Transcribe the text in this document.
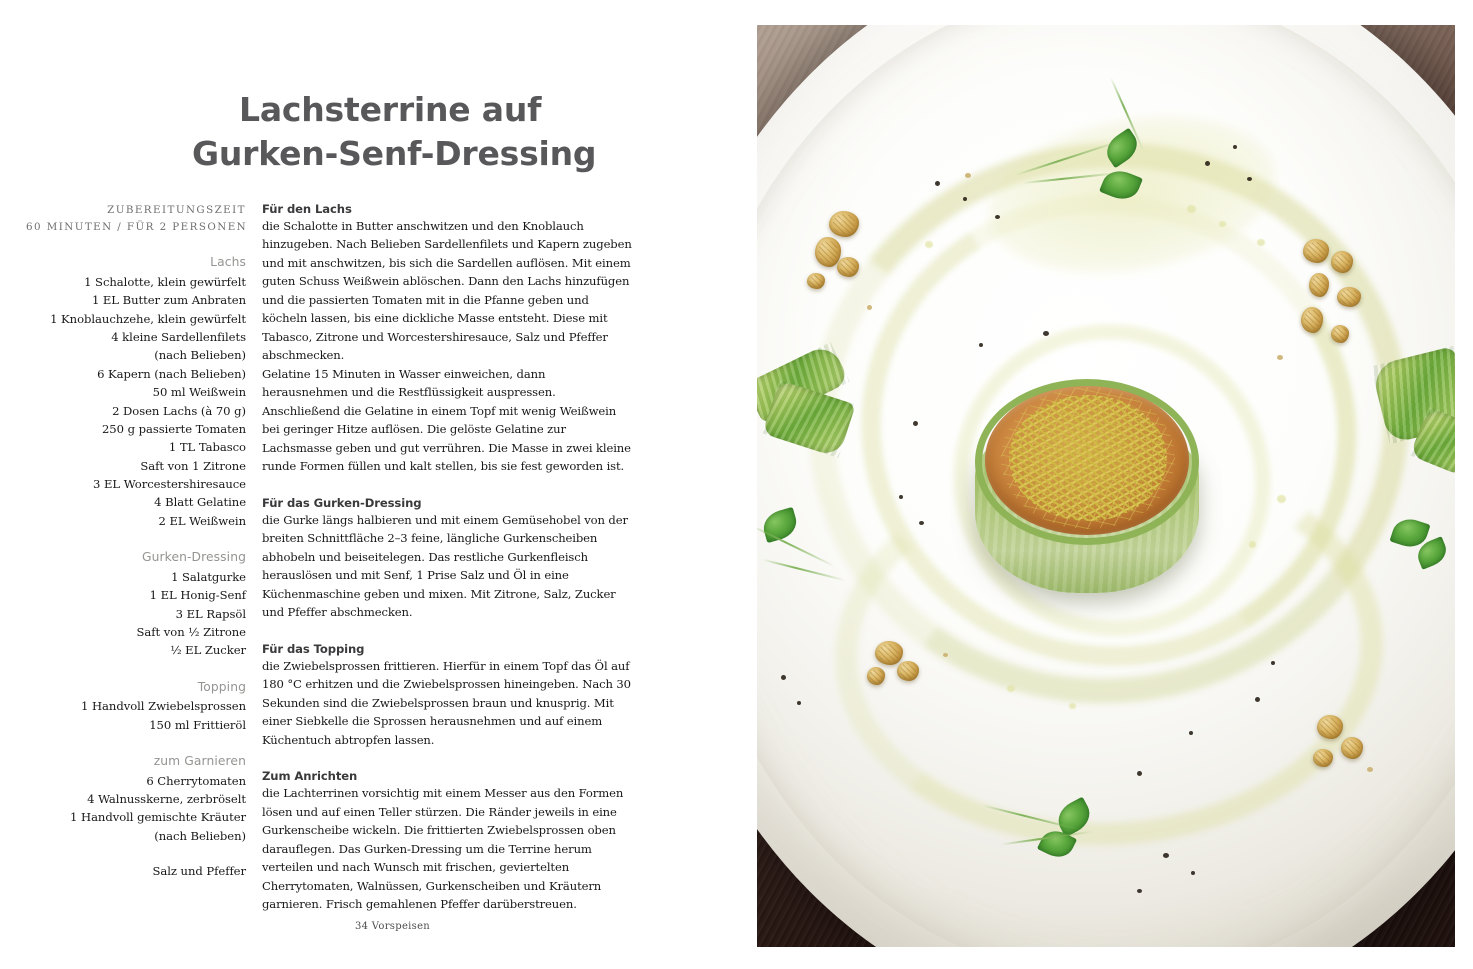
Lachsterrine auf
Gurken-Senf-Dressing
ZUBEREITUNGSZEIT
60 MINUTEN / FÜR 2 PERSONEN
Lachs
1 Schalotte, klein gewürfelt
1 EL Butter zum Anbraten
1 Knoblauchzehe, klein gewürfelt
4 kleine Sardellenfilets
(nach Belieben)
6 Kapern (nach Belieben)
50 ml Weißwein
2 Dosen Lachs (à 70 g)
250 g passierte Tomaten
1 TL Tabasco
Saft von 1 Zitrone
3 EL Worcestershiresauce
4 Blatt Gelatine
2 EL Weißwein
Gurken-Dressing
1 Salatgurke
1 EL Honig-Senf
3 EL Rapsöl
Saft von ½ Zitrone
½ EL Zucker
Topping
1 Handvoll Zwiebelsprossen
150 ml Frittieröl
zum Garnieren
6 Cherrytomaten
4 Walnusskerne, zerbröselt
1 Handvoll gemischte Kräuter
(nach Belieben)
Salz und Pfeffer
Für den Lachs

die Schalotte in Butter anschwitzen und den Knoblauch hinzugeben. Nach Belieben Sardellenfilets und Kapern zugeben und mit anschwitzen, bis sich die Sardellen auflösen. Mit einem guten Schuss Weißwein ablöschen. Dann den Lachs hinzufügen und die passierten Tomaten mit in die Pfanne geben und köcheln lassen, bis eine dickliche Masse entsteht. Diese mit Tabasco, Zitrone und Worcestershiresauce, Salz und Pfeffer abschmecken.

Gelatine 15 Minuten in Wasser einweichen, dann herausnehmen und die Restflüssigkeit auspressen. Anschließend die Gelatine in einem Topf mit wenig Weißwein bei geringer Hitze auflösen. Die gelöste Gelatine zur Lachsmasse geben und gut verrühren. Die Masse in zwei kleine runde Formen füllen und kalt stellen, bis sie fest geworden ist.

Für das Gurken-Dressing

die Gurke längs halbieren und mit einem Gemüsehobel von der breiten Schnittfläche 2–3 feine, längliche Gurkenscheiben abhobeln und beiseitelegen. Das restliche Gurkenfleisch herauslösen und mit Senf, 1 Prise Salz und Öl in eine Küchenmaschine geben und mixen. Mit Zitrone, Salz, Zucker und Pfeffer abschmecken.

Für das Topping

die Zwiebelsprossen frittieren. Hierfür in einem Topf das Öl auf 180 °C erhitzen und die Zwiebelsprossen hineingeben. Nach 30 Sekunden sind die Zwiebelsprossen braun und knusprig. Mit einer Siebkelle die Sprossen herausnehmen und auf einem Küchentuch abtropfen lassen.

Zum Anrichten

die Lachterrinen vorsichtig mit einem Messer aus den Formen lösen und auf einen Teller stürzen. Die Ränder jeweils in eine Gurkenscheibe wickeln. Die frittierten Zwiebelsprossen oben darauflegen. Das Gurken-Dressing um die Terrine herum verteilen und nach Wunsch mit frischen, geviertelten Cherrytomaten, Walnüssen, Gurkenscheiben und Kräutern garnieren. Frisch gemahlenen Pfeffer darüberstreuen.

34 Vorspeisen
